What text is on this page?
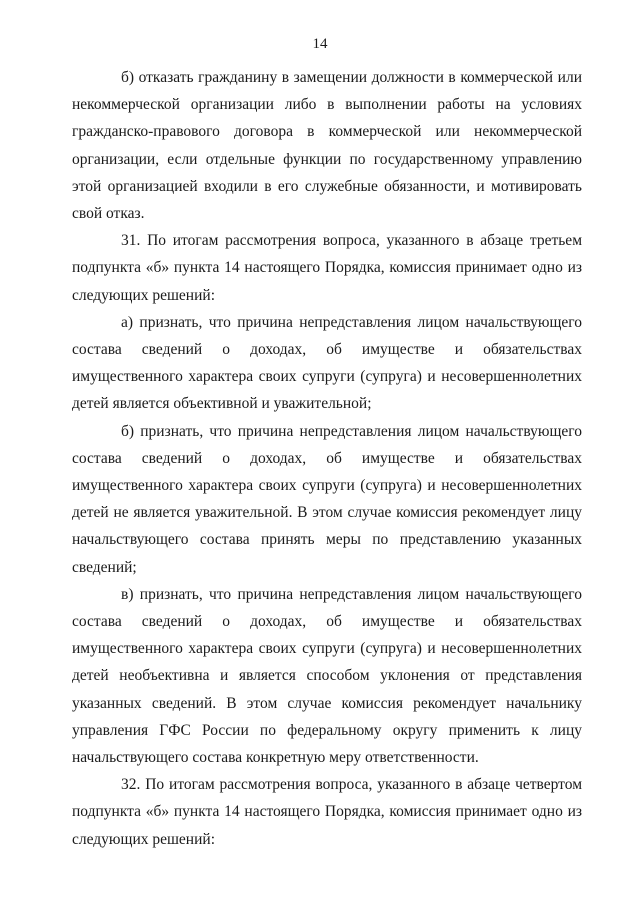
14

б) отказать гражданину в замещении должности в коммерческой или некоммерческой организации либо в выполнении работы на условиях гражданско-правового договора в коммерческой или некоммерческой организации, если отдельные функции по государственному управлению этой организацией входили в его служебные обязанности, и мотивировать свой отказ.

31. По итогам рассмотрения вопроса, указанного в абзаце третьем подпункта «б» пункта 14 настоящего Порядка, комиссия принимает одно из следующих решений:

а) признать, что причина непредставления лицом начальствующего состава сведений о доходах, об имуществе и обязательствах имущественного характера своих супруги (супруга) и несовершеннолетних детей является объективной и уважительной;

б) признать, что причина непредставления лицом начальствующего состава сведений о доходах, об имуществе и обязательствах имущественного характера своих супруги (супруга) и несовершеннолетних детей не является уважительной. В этом случае комиссия рекомендует лицу начальствующего состава принять меры по представлению указанных сведений;

в) признать, что причина непредставления лицом начальствующего состава сведений о доходах, об имуществе и обязательствах имущественного характера своих супруги (супруга) и несовершеннолетних детей необъективна и является способом уклонения от представления указанных сведений. В этом случае комиссия рекомендует начальнику управления ГФС России по федеральному округу применить к лицу начальствующего состава конкретную меру ответственности.

32. По итогам рассмотрения вопроса, указанного в абзаце четвертом подпункта «б» пункта 14 настоящего Порядка, комиссия принимает одно из следующих решений:
